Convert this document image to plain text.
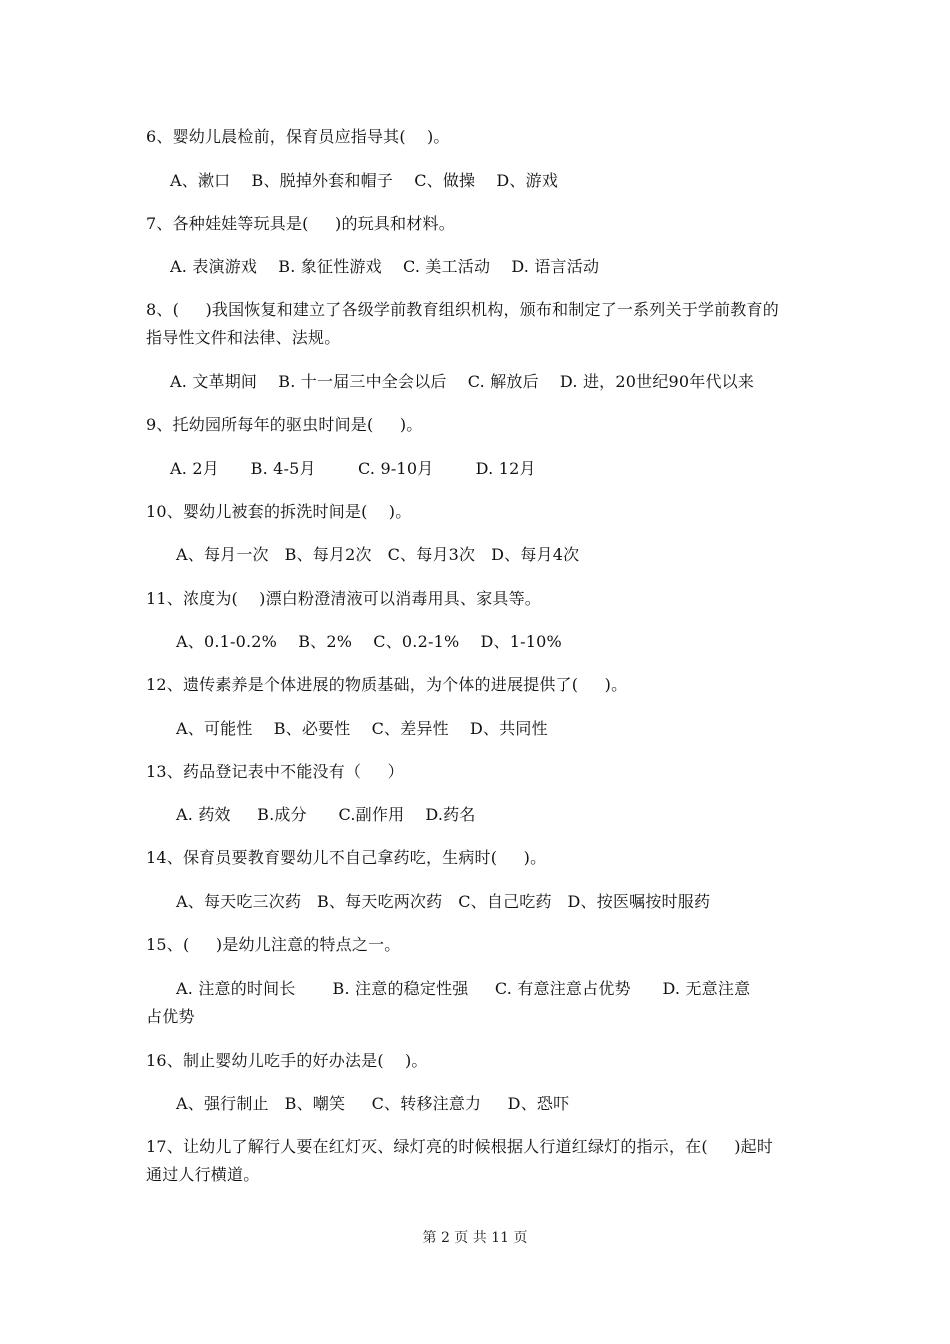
6、婴幼儿晨检前，保育员应指导其(    )。
A、漱口    B、脱掉外套和帽子    C、做操    D、游戏
7、各种娃娃等玩具是(     )的玩具和材料。
A. 表演游戏    B. 象征性游戏    C. 美工活动    D. 语言活动
8、(     )我国恢复和建立了各级学前教育组织机构，颁布和制定了一系列关于学前教育的
指导性文件和法律、法规。
A. 文革期间    B. 十一届三中全会以后    C. 解放后    D. 进，20世纪90年代以来
9、托幼园所每年的驱虫时间是(     )。
A. 2月      B. 4-5月        C. 9-10月        D. 12月
10、婴幼儿被套的拆洗时间是(    )。
A、每月一次   B、每月2次   C、每月3次   D、每月4次
11、浓度为(    )漂白粉澄清液可以消毒用具、家具等。
A、0.1-0.2%    B、2%    C、0.2-1%    D、1-10%
12、遗传素养是个体进展的物质基础，为个体的进展提供了(     )。
A、可能性    B、必要性    C、差异性    D、共同性
13、药品登记表中不能没有（     ）
A. 药效     B.成分      C.副作用    D.药名
14、保育员要教育婴幼儿不自己拿药吃，生病时(     )。
A、每天吃三次药   B、每天吃两次药   C、自己吃药   D、按医嘱按时服药
15、(     )是幼儿注意的特点之一。
A. 注意的时间长       B. 注意的稳定性强     C. 有意注意占优势      D. 无意注意
占优势
16、制止婴幼儿吃手的好办法是(    )。
A、强行制止   B、嘲笑     C、转移注意力     D、恐吓
17、让幼儿了解行人要在红灯灭、绿灯亮的时候根据人行道红绿灯的指示，在(     )起时
通过人行横道。
第 2 页 共 11 页
